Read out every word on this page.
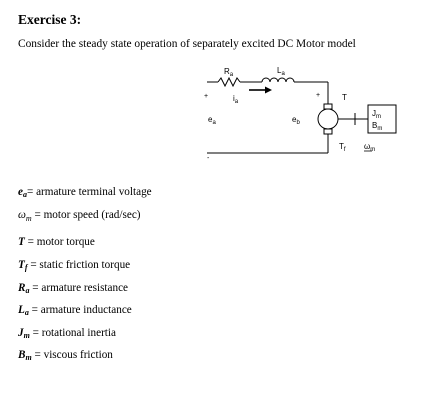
Exercise 3:
Consider the steady state operation of separately excited DC Motor model
$R_a$	$L_a$
$i_a$
+
-
+
$e_a$	$e_b$
T
$T_f$
$J_m$
$B_m$
$\omega_m$
$e_a=$ armature terminal voltage
$\omega_m$ = motor speed (rad/sec)
T = motor torque
$T_f$ = static friction torque
$R_a$ = armature resistance
$L_a$ = armature inductance
$J_m$ = rotational inertia
$B_m$ = viscous friction
